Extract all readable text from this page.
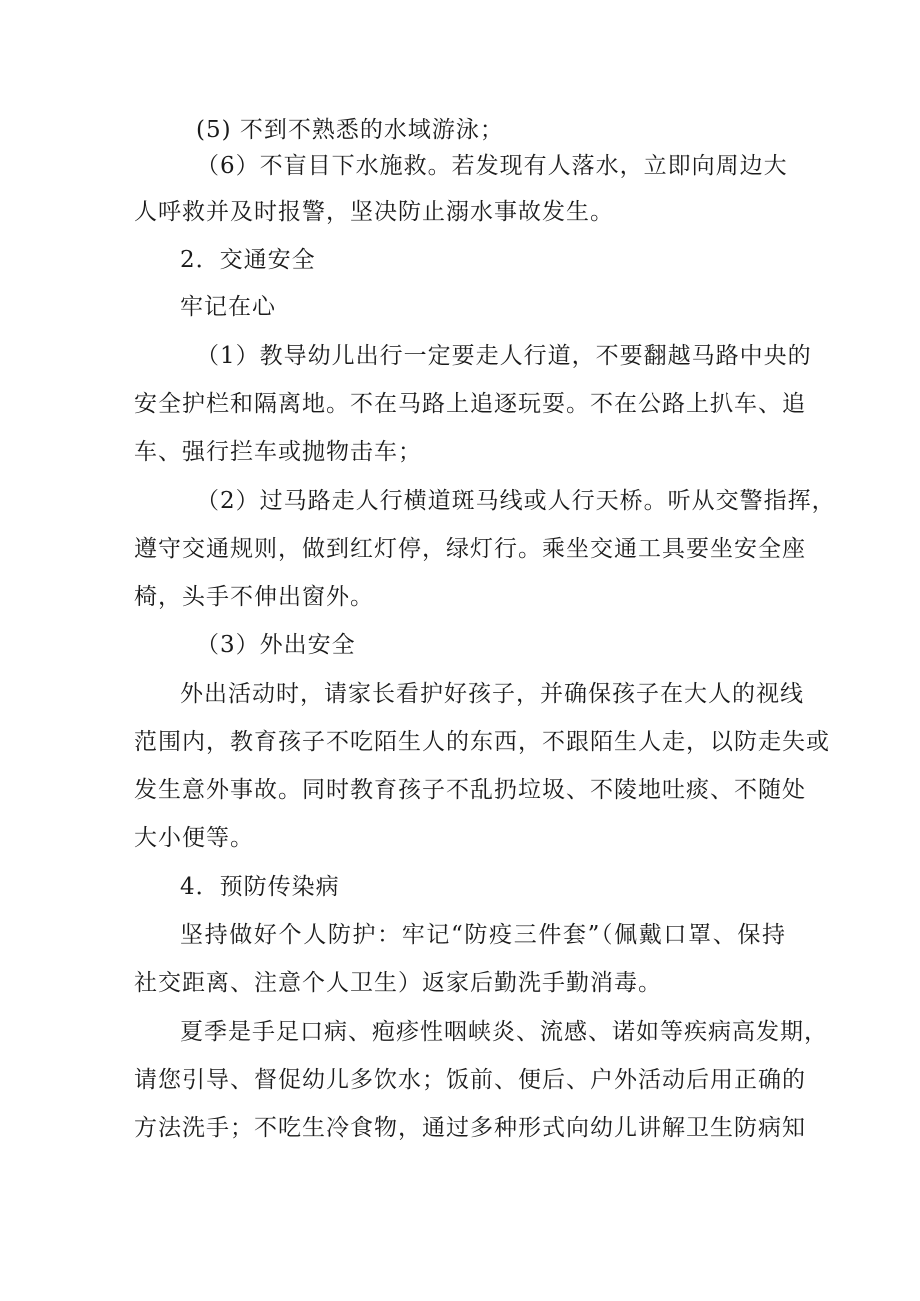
(5) 不到不熟悉的水域游泳；
（6）不盲目下水施救。若发现有人落水，立即向周边大
人呼救并及时报警，坚决防止溺水事故发生。
2．交通安全
牢记在心
（1）教导幼儿出行一定要走人行道，不要翻越马路中央的
安全护栏和隔离地。不在马路上追逐玩耍。不在公路上扒车、追
车、强行拦车或抛物击车；
（2）过马路走人行横道斑马线或人行天桥。听从交警指挥，
遵守交通规则，做到红灯停，绿灯行。乘坐交通工具要坐安全座
椅，头手不伸出窗外。
（3）外出安全
外出活动时，请家长看护好孩子，并确保孩子在大人的视线
范围内，教育孩子不吃陌生人的东西，不跟陌生人走，以防走失或
发生意外事故。同时教育孩子不乱扔垃圾、不陵地吐痰、不随处
大小便等。
4．预防传染病
坚持做好个人防护：牢记“防疫三件套”（佩戴口罩、保持
社交距离、注意个人卫生）返家后勤洗手勤消毒。
夏季是手足口病、疱疹性咽峡炎、流感、诺如等疾病高发期，
请您引导、督促幼儿多饮水；饭前、便后、户外活动后用正确的
方法洗手；不吃生冷食物，通过多种形式向幼儿讲解卫生防病知
